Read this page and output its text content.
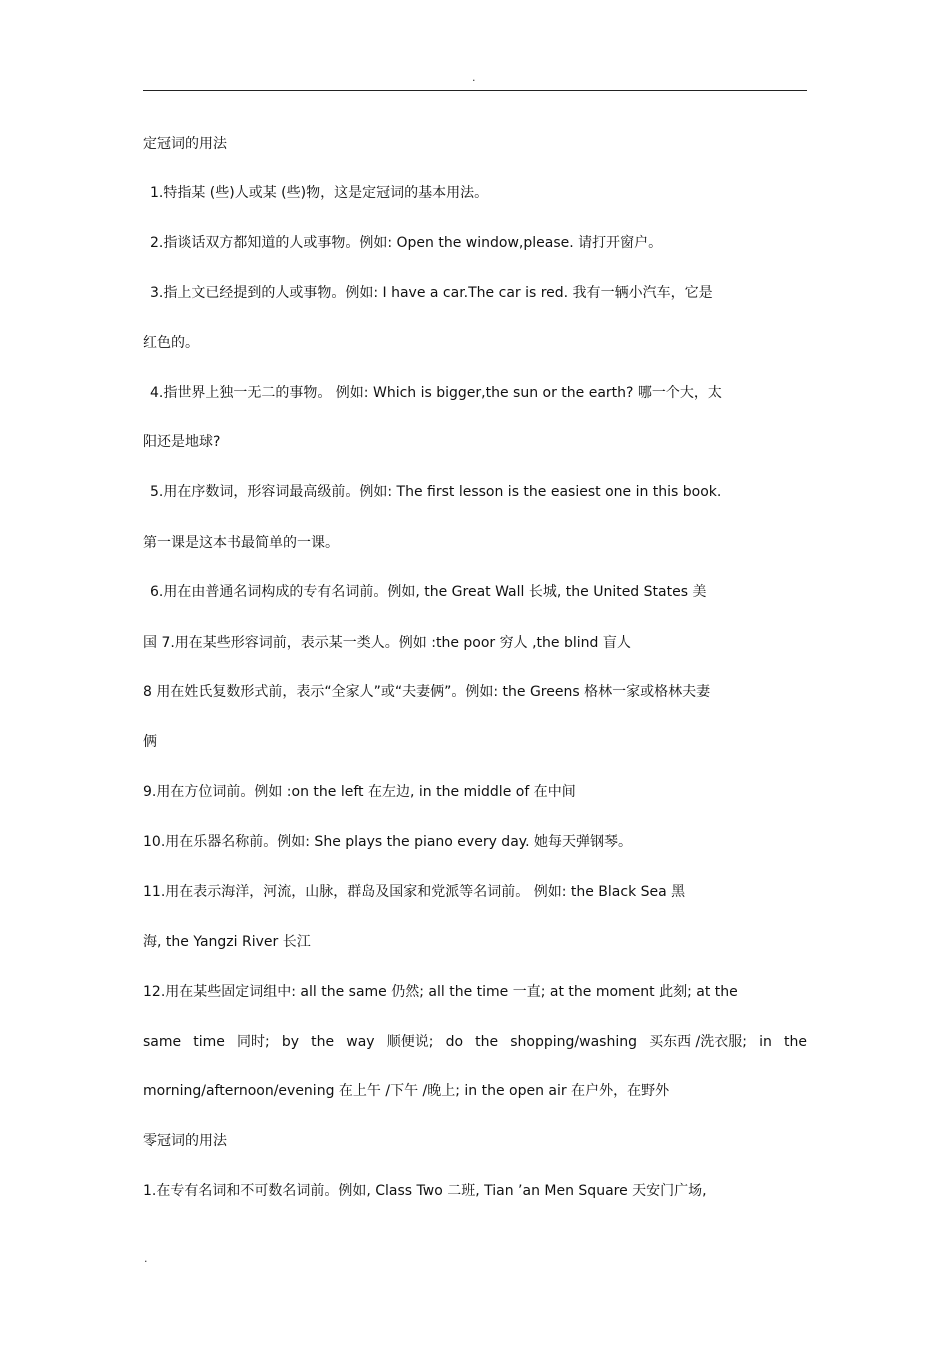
.
定冠词的用法
1.特指某 (些)人或某 (些)物，这是定冠词的基本用法。
2.指谈话双方都知道的人或事物。例如: Open the window,please. 请打开窗户。
3.指上文已经提到的人或事物。例如: I have a car.The car is red. 我有一辆小汽车，它是
红色的。
4.指世界上独一无二的事物。 例如: Which is bigger,the sun or the earth? 哪一个大，太
阳还是地球?
5.用在序数词，形容词最高级前。例如: The first lesson is the easiest one in this book.
第一课是这本书最简单的一课。
6.用在由普通名词构成的专有名词前。例如, the Great Wall 长城, the United States 美
国 7.用在某些形容词前，表示某一类人。例如 :the poor 穷人 ,the blind 盲人
8 用在姓氏复数形式前，表示“全家人”或“夫妻俩”。例如: the Greens 格林一家或格林夫妻
俩
9.用在方位词前。例如 :on the left 在左边, in the middle of 在中间
10.用在乐器名称前。例如: She plays the piano every day. 她每天弹钢琴。
11.用在表示海洋，河流，山脉，群岛及国家和党派等名词前。 例如: the Black Sea 黑
海, the Yangzi River 长江
12.用在某些固定词组中: all the same 仍然; all the time 一直; at the moment 此刻; at the
same time 同时; by the way 顺便说; do the shopping/washing 买东西 /洗衣服; in the
morning/afternoon/evening 在上午 /下午 /晚上; in the open air 在户外，在野外
零冠词的用法
1.在专有名词和不可数名词前。例如, Class Two 二班, Tian ’an Men Square 天安门广场,
.
